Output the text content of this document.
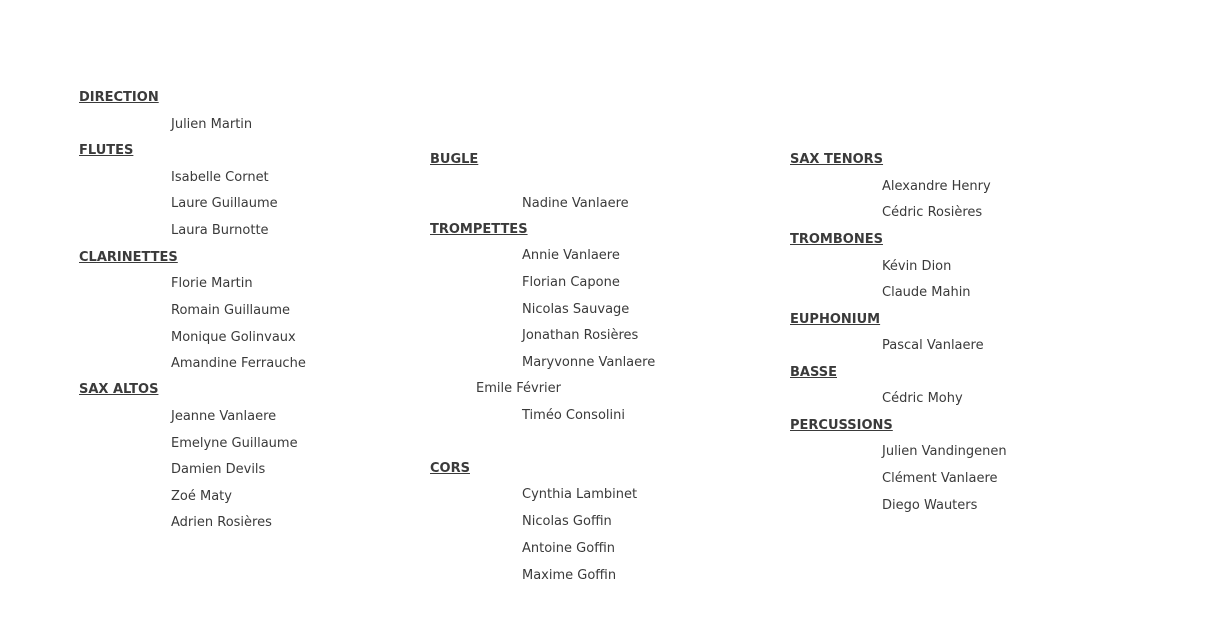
DIRECTION
Julien Martin
FLUTES
Isabelle Cornet
Laure Guillaume
Laura Burnotte
CLARINETTES
Florie Martin
Romain Guillaume
Monique Golinvaux
Amandine Ferrauche
SAX ALTOS
Jeanne Vanlaere
Emelyne Guillaume
Damien Devils
Zoé Maty
Adrien Rosières
BUGLE
Nadine Vanlaere
TROMPETTES
Annie Vanlaere
Florian Capone
Nicolas Sauvage
Jonathan Rosières
Maryvonne Vanlaere
Emile Février
Timéo Consolini
CORS
Cynthia Lambinet
Nicolas Goffin
Antoine Goffin
Maxime Goffin
SAX TENORS
Alexandre Henry
Cédric Rosières
TROMBONES
Kévin Dion
Claude Mahin
EUPHONIUM
Pascal Vanlaere
BASSE
Cédric Mohy
PERCUSSIONS
Julien Vandingenen
Clément Vanlaere
Diego Wauters
